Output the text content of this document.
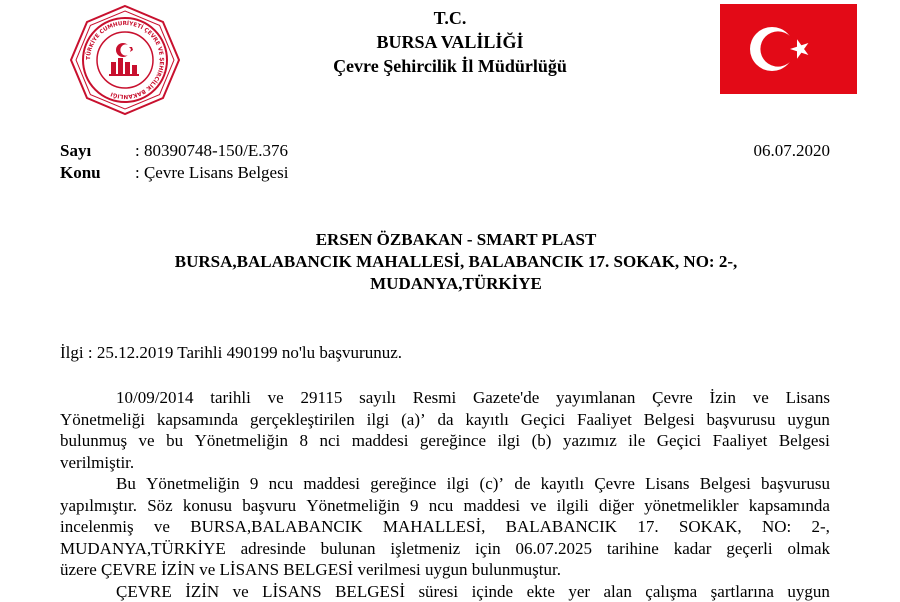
TÜRKİYE CUMHURİYETİ ÇEVRE VE ŞEHİRCİLİK BAKANLIĞI
T.C.
BURSA VALİLİĞİ
Çevre Şehircilik İl Müdürlüğü
Sayı	: 80390748-150/E.376	06.07.2020
Konu : Çevre Lisans Belgesi
ERSEN ÖZBAKAN - SMART PLAST
BURSA,BALABANCIK MAHALLESİ, BALABANCIK 17. SOKAK, NO: 2-,
MUDANYA,TÜRKİYE
İlgi : 25.12.2019 Tarihli 490199 no'lu başvurunuz.
10/09/2014 tarihli ve 29115 sayılı Resmi Gazete'de yayımlanan Çevre İzin ve Lisans
Yönetmeliği kapsamında gerçekleştirilen ilgi (a)’ da kayıtlı Geçici Faaliyet Belgesi başvurusu uygun
bulunmuş ve bu Yönetmeliğin 8 nci maddesi gereğince ilgi (b) yazımız ile Geçici Faaliyet Belgesi
verilmiştir.
Bu Yönetmeliğin 9 ncu maddesi gereğince ilgi (c)’ de kayıtlı Çevre Lisans Belgesi başvurusu
yapılmıştır. Söz konusu başvuru Yönetmeliğin 9 ncu maddesi ve ilgili diğer yönetmelikler kapsamında
incelenmiş ve BURSA,BALABANCIK MAHALLESİ, BALABANCIK 17. SOKAK, NO: 2-,
MUDANYA,TÜRKİYE adresinde bulunan işletmeniz için 06.07.2025 tarihine kadar geçerli olmak
üzere ÇEVRE İZİN ve LİSANS BELGESİ verilmesi uygun bulunmuştur.
ÇEVRE İZİN ve LİSANS BELGESİ süresi içinde ekte yer alan çalışma şartlarına uygun
